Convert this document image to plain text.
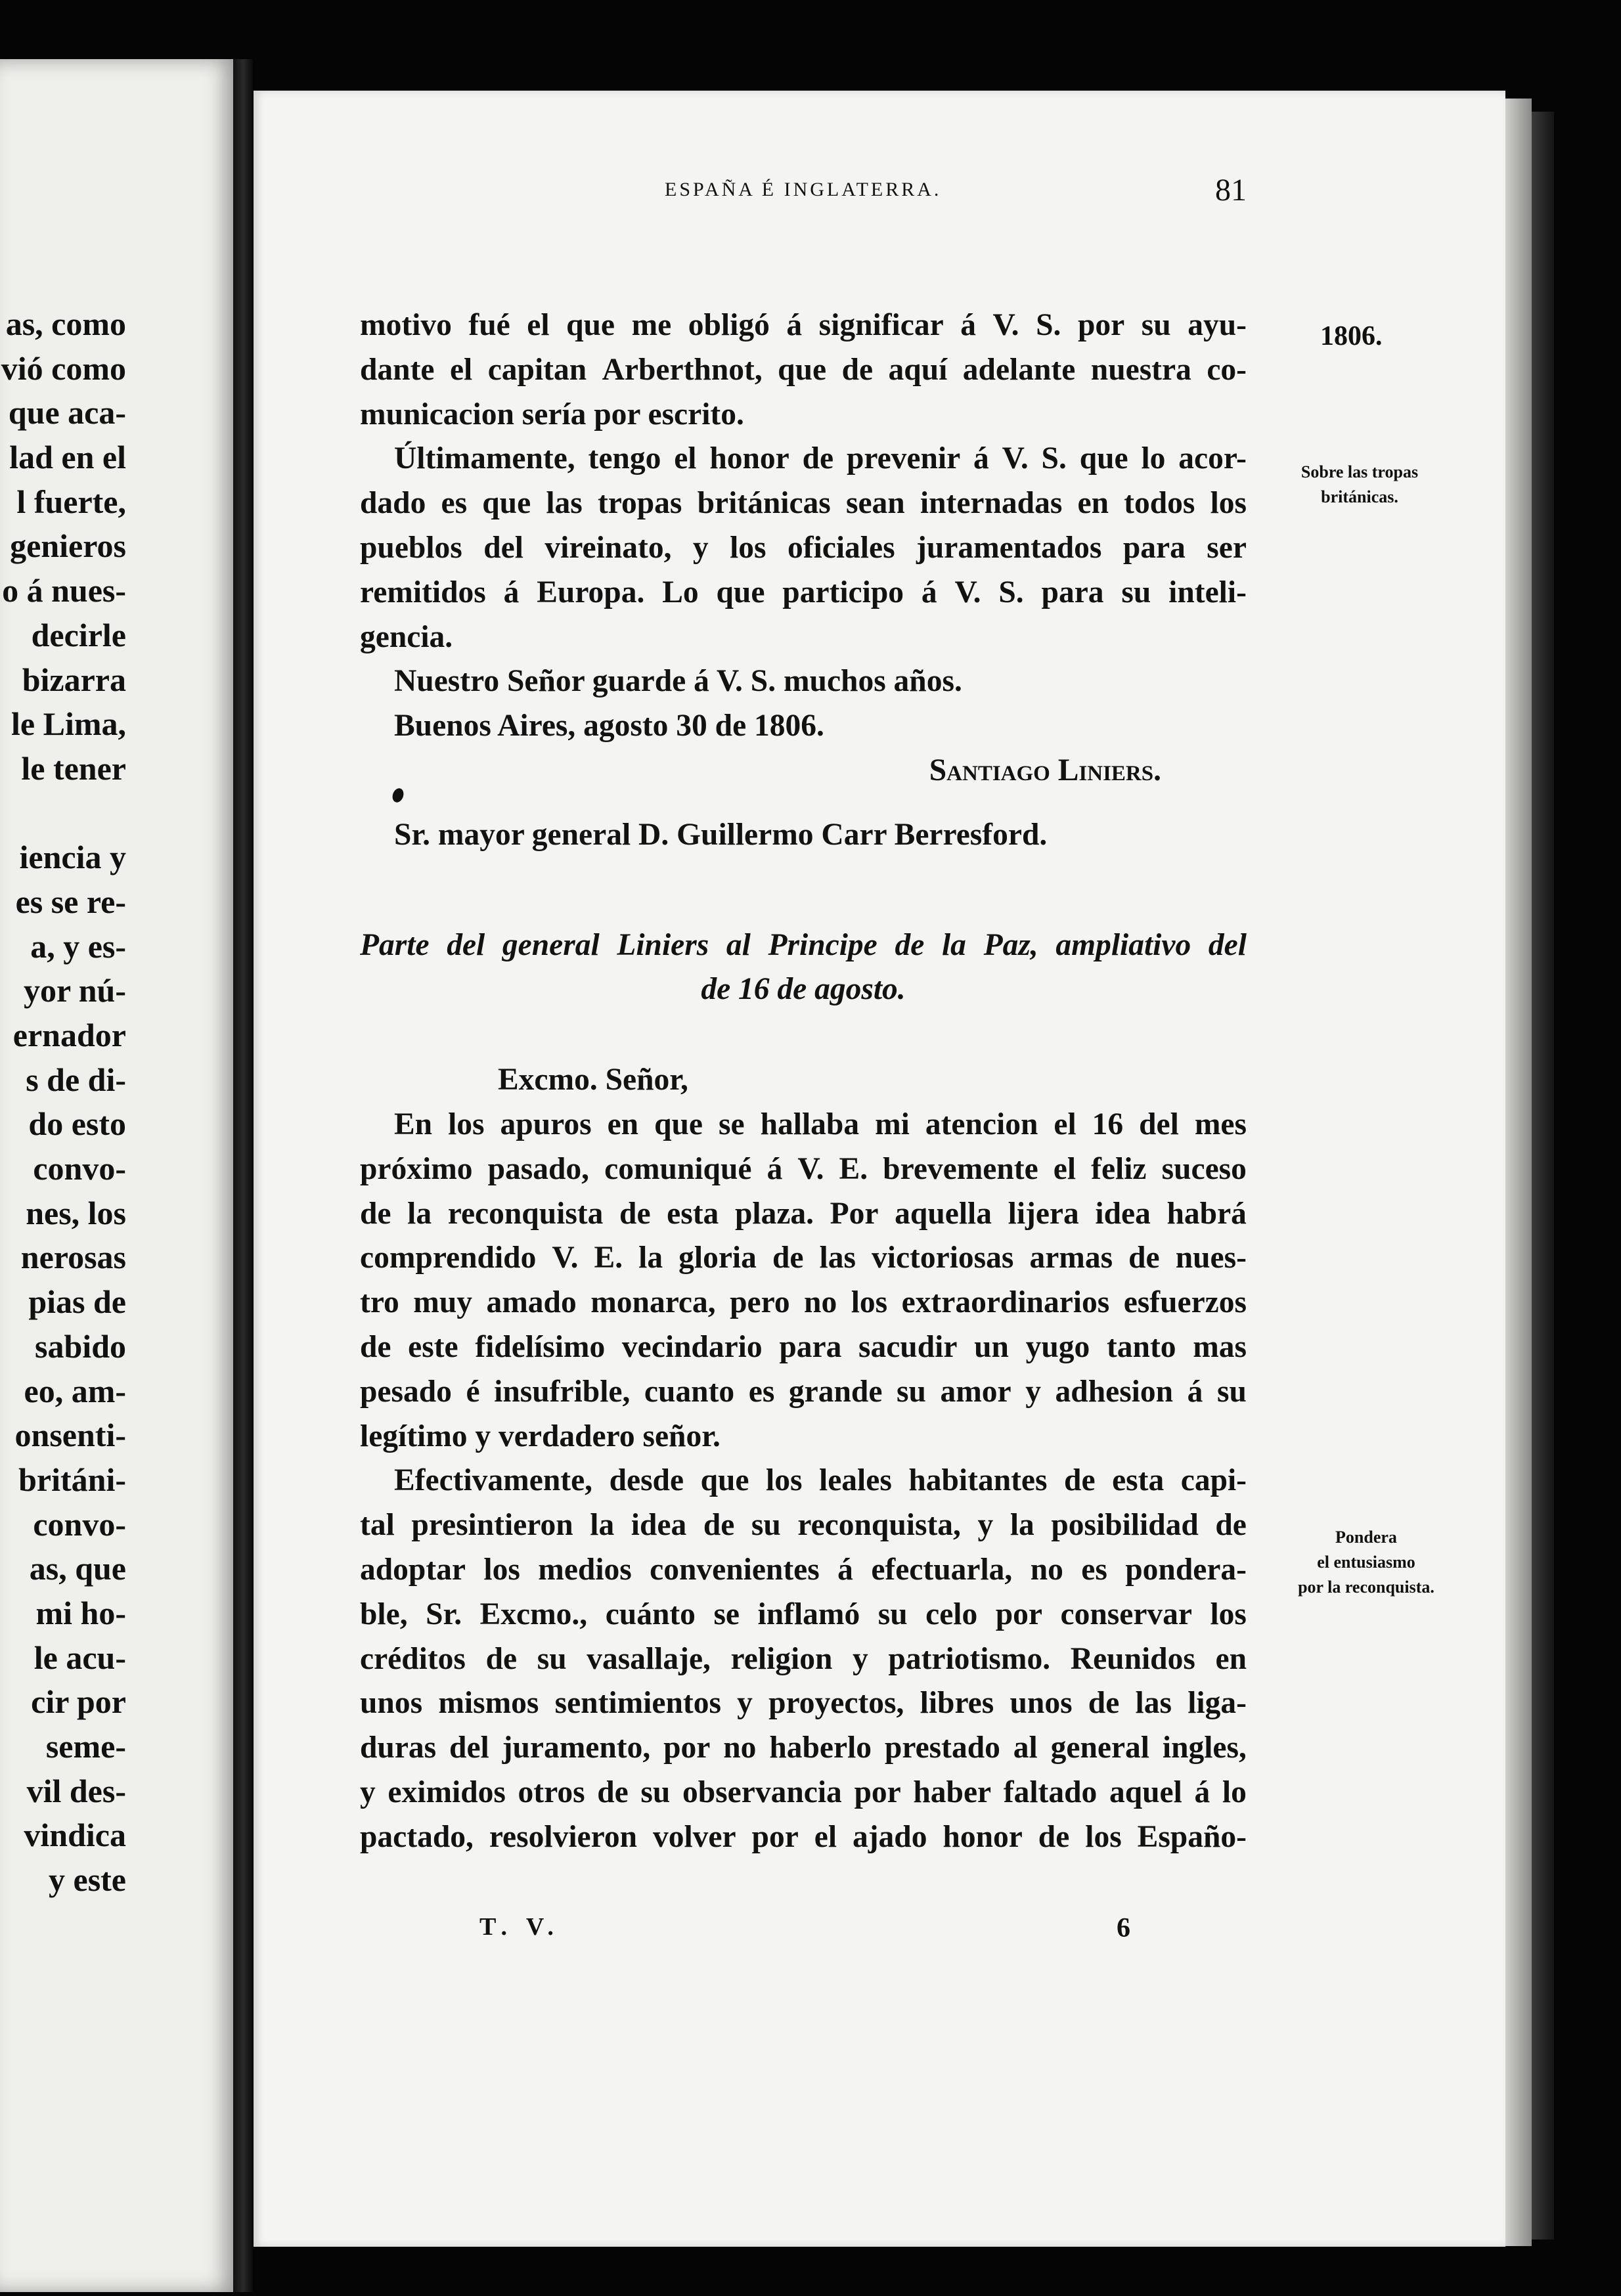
as, como
vió como
que aca-
lad en el
l fuerte,
genieros
o á nues-
decirle
bizarra
le Lima,
le tener
iencia y
es se re-
a, y es-
yor nú-
ernador
s de di-
do esto
convo-
nes, los
nerosas
pias de
sabido
eo, am-
onsenti-
británi-
convo-
as, que
mi ho-
le acu-
cir por
seme-
vil des-
vindica
y este
ESPAÑA É INGLATERRA.	81
1806.
Sobre las tropas
británicas.
Pondera
el entusiasmo
por la reconquista.
motivo fué el que me obligó á significar á V. S. por su ayu-
dante el capitan Arberthnot, que de aquí adelante nuestra co-
municacion sería por escrito.
Últimamente, tengo el honor de prevenir á V. S. que lo acor-
dado es que las tropas británicas sean internadas en todos los
pueblos del vireinato, y los oficiales juramentados para ser
remitidos á Europa. Lo que participo á V. S. para su inteli-
gencia.
Nuestro Señor guarde á V. S. muchos años.
Buenos Aires, agosto 30 de 1806.
Santiago Liniers.
Sr. mayor general D. Guillermo Carr Berresford.
Parte del general Liniers al Principe de la Paz, ampliativo del
de 16 de agosto.
Excmo. Señor,
En los apuros en que se hallaba mi atencion el 16 del mes
próximo pasado, comuniqué á V. E. brevemente el feliz suceso
de la reconquista de esta plaza. Por aquella lijera idea habrá
comprendido V. E. la gloria de las victoriosas armas de nues-
tro muy amado monarca, pero no los extraordinarios esfuerzos
de este fidelísimo vecindario para sacudir un yugo tanto mas
pesado é insufrible, cuanto es grande su amor y adhesion á su
legítimo y verdadero señor.
Efectivamente, desde que los leales habitantes de esta capi-
tal presintieron la idea de su reconquista, y la posibilidad de
adoptar los medios convenientes á efectuarla, no es pondera-
ble, Sr. Excmo., cuánto se inflamó su celo por conservar los
créditos de su vasallaje, religion y patriotismo. Reunidos en
unos mismos sentimientos y proyectos, libres unos de las liga-
duras del juramento, por no haberlo prestado al general ingles,
y eximidos otros de su observancia por haber faltado aquel á lo
pactado, resolvieron volver por el ajado honor de los Españo-
T. V.	6
